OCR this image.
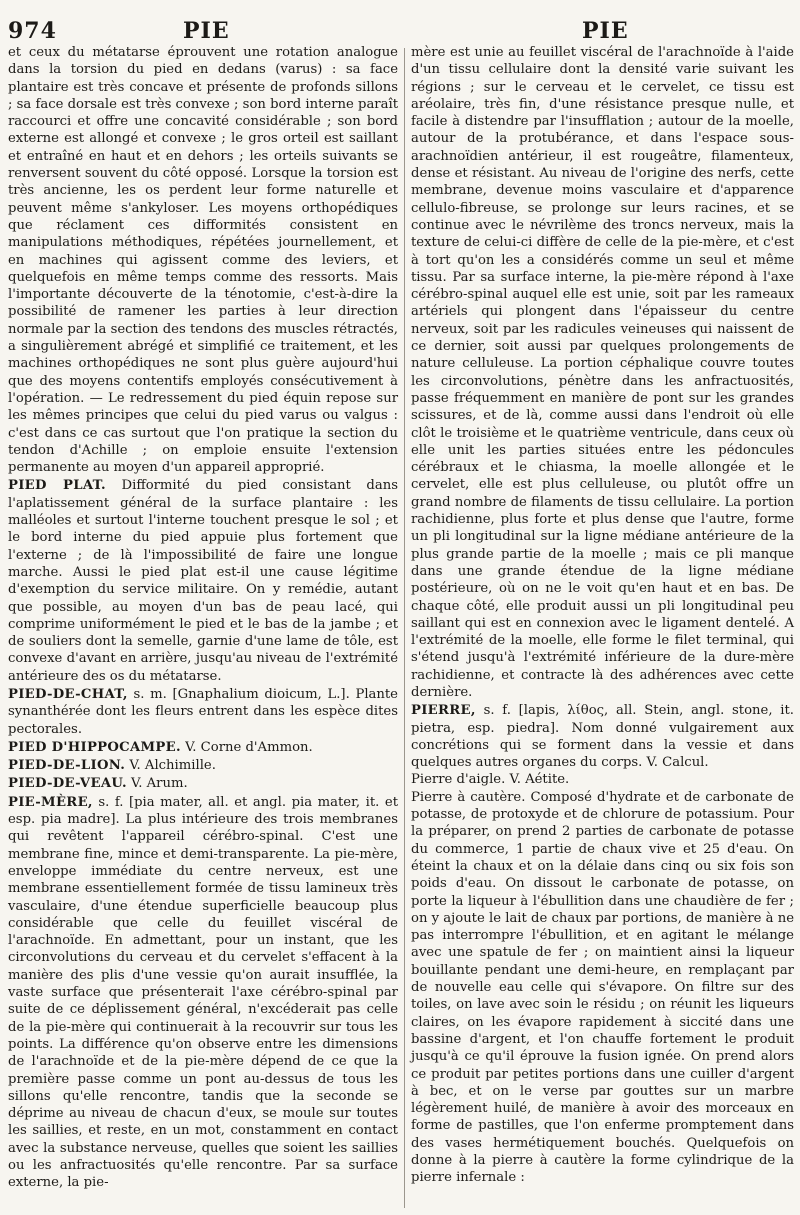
974	PIE	PIE

et ceux du métatarse éprouvent une rotation analogue dans la torsion du pied en dedans (varus) : sa face plantaire est très concave et présente de profonds sillons ; sa face dorsale est très convexe ; son bord interne paraît raccourci et offre une concavité considérable ; son bord externe est allongé et convexe ; le gros orteil est saillant et entraîné en haut et en dehors ; les orteils suivants se renversent souvent du côté opposé. Lorsque la torsion est très ancienne, les os perdent leur forme naturelle et peuvent même s'ankyloser. Les moyens orthopédiques que réclament ces difformités consistent en manipulations méthodiques, répétées journellement, et en machines qui agissent comme des leviers, et quelquefois en même temps comme des ressorts. Mais l'importante découverte de la ténotomie, c'est-à-dire la possibilité de ramener les parties à leur direction normale par la section des tendons des muscles rétractés, a singulièrement abrégé et simplifié ce traitement, et les machines orthopédiques ne sont plus guère aujourd'hui que des moyens contentifs employés consécutivement à l'opération. — Le redressement du pied équin repose sur les mêmes principes que celui du pied varus ou valgus : c'est dans ce cas surtout que l'on pratique la section du tendon d'Achille ; on emploie ensuite l'extension permanente au moyen d'un appareil approprié.

PIED PLAT. Difformité du pied consistant dans l'aplatissement général de la surface plantaire : les malléoles et surtout l'interne touchent presque le sol ; et le bord interne du pied appuie plus fortement que l'externe ; de là l'impossibilité de faire une longue marche. Aussi le pied plat est-il une cause légitime d'exemption du service militaire. On y remédie, autant que possible, au moyen d'un bas de peau lacé, qui comprime uniformément le pied et le bas de la jambe ; et de souliers dont la semelle, garnie d'une lame de tôle, est convexe d'avant en arrière, jusqu'au niveau de l'extrémité antérieure des os du métatarse.

PIED-DE-CHAT, s. m. [Gnaphalium dioicum, L.]. Plante synanthérée dont les fleurs entrent dans les espèce dites pectorales.

PIED D'HIPPOCAMPE. V. Corne d'Ammon.

PIED-DE-LION. V. Alchimille.

PIED-DE-VEAU. V. Arum.

PIE-MÈRE, s. f. [pia mater, all. et angl. pia mater, it. et esp. pia madre]. La plus intérieure des trois membranes qui revêtent l'appareil cérébro-spinal. C'est une membrane fine, mince et demi-transparente. La pie-mère, enveloppe immédiate du centre nerveux, est une membrane essentiellement formée de tissu lamineux très vasculaire, d'une étendue superficielle beaucoup plus considérable que celle du feuillet viscéral de l'arachnoïde. En admettant, pour un instant, que les circonvolutions du cerveau et du cervelet s'effacent à la manière des plis d'une vessie qu'on aurait insufflée, la vaste surface que présenterait l'axe cérébro-spinal par suite de ce déplissement général, n'excéderait pas celle de la pie-mère qui continuerait à la recouvrir sur tous les points. La différence qu'on observe entre les dimensions de l'arachnoïde et de la pie-mère dépend de ce que la première passe comme un pont au-dessus de tous les sillons qu'elle rencontre, tandis que la seconde se déprime au niveau de chacun d'eux, se moule sur toutes les saillies, et reste, en un mot, constamment en contact avec la substance nerveuse, quelles que soient les saillies ou les anfractuosités qu'elle rencontre. Par sa surface externe, la pie-

mère est unie au feuillet viscéral de l'arachnoïde à l'aide d'un tissu cellulaire dont la densité varie suivant les régions ; sur le cerveau et le cervelet, ce tissu est aréolaire, très fin, d'une résistance presque nulle, et facile à distendre par l'insufflation ; autour de la moelle, autour de la protubérance, et dans l'espace sous-arachnoïdien antérieur, il est rougeâtre, filamenteux, dense et résistant. Au niveau de l'origine des nerfs, cette membrane, devenue moins vasculaire et d'apparence cellulo-fibreuse, se prolonge sur leurs racines, et se continue avec le névrilème des troncs nerveux, mais la texture de celui-ci diffère de celle de la pie-mère, et c'est à tort qu'on les a considérés comme un seul et même tissu. Par sa surface interne, la pie-mère répond à l'axe cérébro-spinal auquel elle est unie, soit par les rameaux artériels qui plongent dans l'épaisseur du centre nerveux, soit par les radicules veineuses qui naissent de ce dernier, soit aussi par quelques prolongements de nature celluleuse. La portion céphalique couvre toutes les circonvolutions, pénètre dans les anfractuosités, passe fréquemment en manière de pont sur les grandes scissures, et de là, comme aussi dans l'endroit où elle clôt le troisième et le quatrième ventricule, dans ceux où elle unit les parties situées entre les pédoncules cérébraux et le chiasma, la moelle allongée et le cervelet, elle est plus celluleuse, ou plutôt offre un grand nombre de filaments de tissu cellulaire. La portion rachidienne, plus forte et plus dense que l'autre, forme un pli longitudinal sur la ligne médiane antérieure de la plus grande partie de la moelle ; mais ce pli manque dans une grande étendue de la ligne médiane postérieure, où on ne le voit qu'en haut et en bas. De chaque côté, elle produit aussi un pli longitudinal peu saillant qui est en connexion avec le ligament dentelé. A l'extrémité de la moelle, elle forme le filet terminal, qui s'étend jusqu'à l'extrémité inférieure de la dure-mère rachidienne, et contracte là des adhérences avec cette dernière.

PIERRE, s. f. [lapis, λίθος, all. Stein, angl. stone, it. pietra, esp. piedra]. Nom donné vulgairement aux concrétions qui se forment dans la vessie et dans quelques autres organes du corps. V. Calcul.

Pierre d'aigle. V. Aétite.

Pierre à cautère. Composé d'hydrate et de carbonate de potasse, de protoxyde et de chlorure de potassium. Pour la préparer, on prend 2 parties de carbonate de potasse du commerce, 1 partie de chaux vive et 25 d'eau. On éteint la chaux et on la délaie dans cinq ou six fois son poids d'eau. On dissout le carbonate de potasse, on porte la liqueur à l'ébullition dans une chaudière de fer ; on y ajoute le lait de chaux par portions, de manière à ne pas interrompre l'ébullition, et en agitant le mélange avec une spatule de fer ; on maintient ainsi la liqueur bouillante pendant une demi-heure, en remplaçant par de nouvelle eau celle qui s'évapore. On filtre sur des toiles, on lave avec soin le résidu ; on réunit les liqueurs claires, on les évapore rapidement à siccité dans une bassine d'argent, et l'on chauffe fortement le produit jusqu'à ce qu'il éprouve la fusion ignée. On prend alors ce produit par petites portions dans une cuiller d'argent à bec, et on le verse par gouttes sur un marbre légèrement huilé, de manière à avoir des morceaux en forme de pastilles, que l'on enferme promptement dans des vases hermétiquement bouchés. Quelquefois on donne à la pierre à cautère la forme cylindrique de la pierre infernale :
